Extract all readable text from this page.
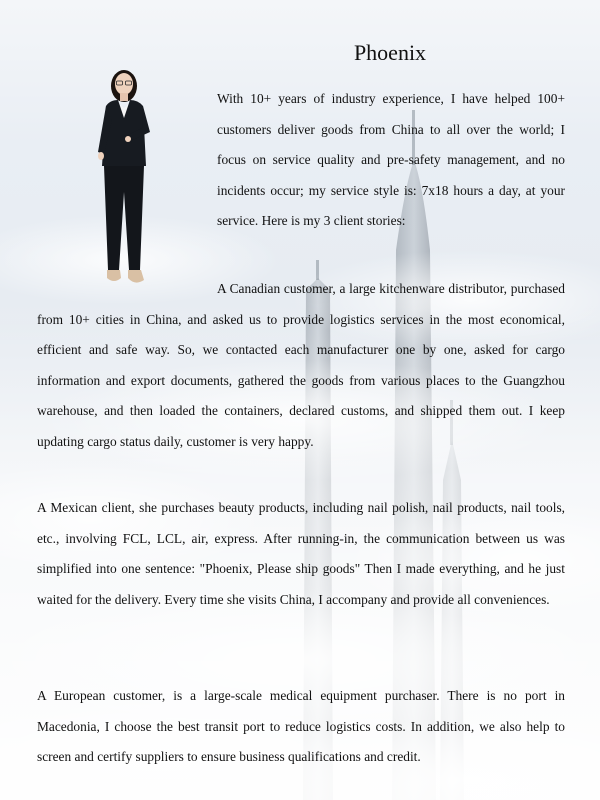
Phoenix

With 10+ years of industry experience, I have helped 100+ customers deliver goods from China to all over the world; I focus on service quality and pre-safety management, and no incidents occur; my service style is: 7x18 hours a day, at your service. Here is my 3 client stories:

A Canadian customer, a large kitchenware distributor, purchased from 10+ cities in China, and asked us to provide logistics services in the most economical, efficient and safe way. So, we contacted each manufacturer one by one, asked for cargo information and export documents, gathered the goods from various places to the Guangzhou warehouse, and then loaded the containers, declared customs, and shipped them out. I keep updating cargo status daily, customer is very happy.

A Mexican client, she purchases beauty products, including nail polish, nail products, nail tools, etc., involving FCL, LCL, air, express. After running-in, the communication between us was simplified into one sentence: "Phoenix, Please ship goods" Then I made everything, and he just waited for the delivery. Every time she visits China, I accompany and provide all conveniences.

A European customer, is a large-scale medical equipment purchaser. There is no port in Macedonia, I choose the best transit port to reduce logistics costs. In addition, we also help to screen and certify suppliers to ensure business qualifications and credit.
